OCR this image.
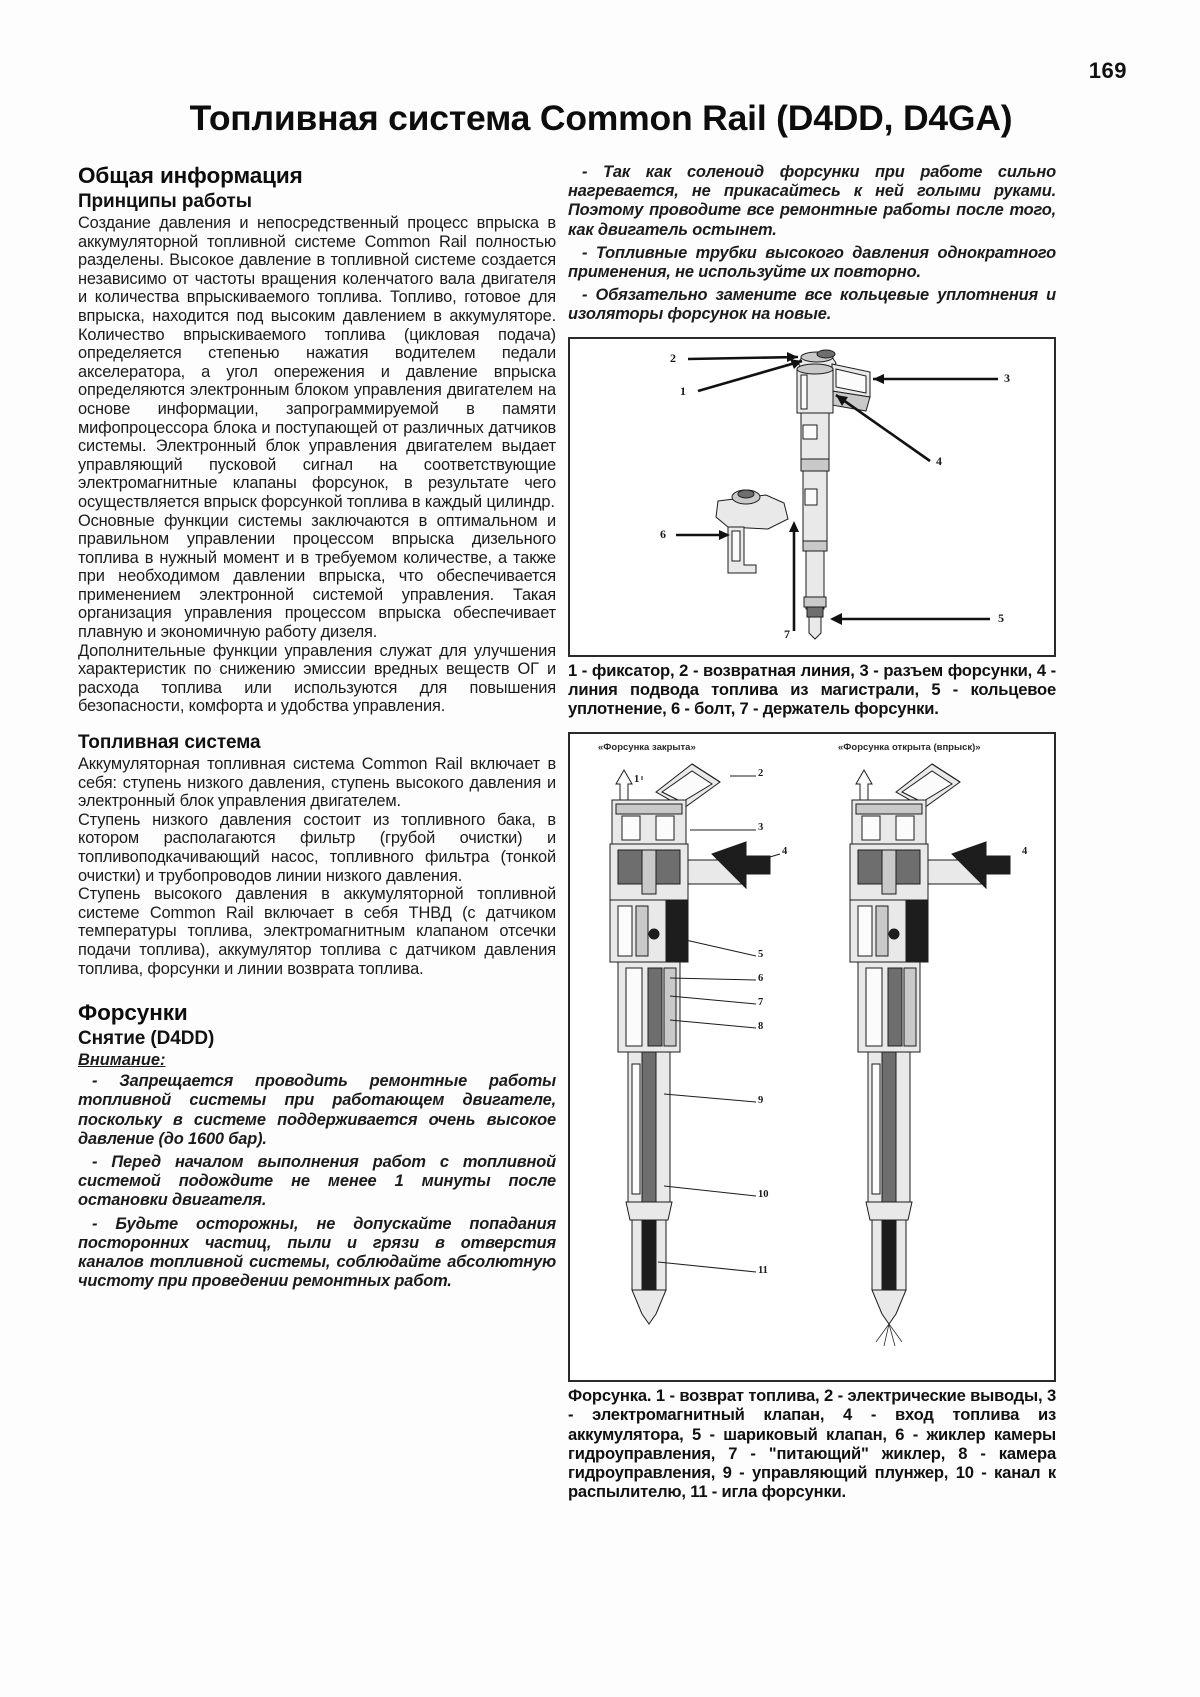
169
Топливная система Common Rail (D4DD, D4GA)
Общая информация
Принципы работы

Создание давления и непосредственный процесс впрыска в аккумуляторной топливной системе Common Rail полностью разделены. Высокое давление в топливной системе создается независимо от частоты вращения коленчатого вала двигателя и количества впрыскиваемого топлива. Топливо, готовое для впрыска, находится под высоким давлением в аккумуляторе. Количество впрыскиваемого топлива (цикловая подача) определяется степенью нажатия водителем педали акселератора, а угол опережения и давление впрыска определяются электронным блоком управления двигателем на основе информации, запрограммируемой в памяти мифопроцессора блока и поступающей от различных датчиков системы. Электронный блок управления двигателем выдает управляющий пусковой сигнал на соответствующие электромагнитные клапаны форсунок, в результате чего осуществляется впрыск форсункой топлива в каждый цилиндр.

Основные функции системы заключаются в оптимальном и правильном управлении процессом впрыска дизельного топлива в нужный момент и в требуемом количестве, а также при необходимом давлении впрыска, что обеспечивается применением электронной системой управления. Такая организация управления процессом впрыска обеспечивает плавную и экономичную работу дизеля.

Дополнительные функции управления служат для улучшения характеристик по снижению эмиссии вредных веществ ОГ и расхода топлива или используются для повышения безопасности, комфорта и удобства управления.

Топливная система

Аккумуляторная топливная система Common Rail включает в себя: ступень низкого давления, ступень высокого давления и электронный блок управления двигателем.

Ступень низкого давления состоит из топливного бака, в котором располагаются фильтр (грубой очистки) и топливоподкачивающий насос, топливного фильтра (тонкой очистки) и трубопроводов линии низкого давления.

Ступень высокого давления в аккумуляторной топливной системе Common Rail включает в себя ТНВД (с датчиком температуры топлива, электромагнитным клапаном отсечки подачи топлива), аккумулятор топлива с датчиком давления топлива, форсунки и линии возврата топлива.

Форсунки
Снятие (D4DD)

Внимание:

- Запрещается проводить ремонтные работы топливной системы при работающем двигателе, поскольку в системе поддерживается очень высокое давление (до 1600 бар).

- Перед началом выполнения работ с топливной системой подождите не менее 1 минуты после остановки двигателя.

- Будьте осторожны, не допускайте попадания посторонних частиц, пыли и грязи в отверстия каналов топливной системы, соблюдайте абсолютную чистоту при проведении ремонтных работ.

- Так как соленоид форсунки при работе сильно нагревается, не прикасайтесь к ней голыми руками. Поэтому проводите все ремонтные работы после того, как двигатель остынет.

- Топливные трубки высокого давления однократного применения, не используйте их повторно.

- Обязательно замените все кольцевые уплотнения и изоляторы форсунок на новые.

2
1
3
4
6
7
5

1 - фиксатор, 2 - возвратная линия, 3 - разъем форсунки, 4 - линия подвода топлива из магистрали, 5 - кольцевое уплотнение, 6 - болт, 7 - держатель форсунки.

«Форсунка закрыта»	«Форсунка открыта (впрыск)»
1
2
3
4
5
6
7
8
9
10
11
4

Форсунка. 1 - возврат топлива, 2 - электрические выводы, 3 - электромагнитный клапан, 4 - вход топлива из аккумулятора, 5 - шариковый клапан, 6 - жиклер камеры гидроуправления, 7 - "питающий" жиклер, 8 - камера гидроуправления, 9 - управляющий плунжер, 10 - канал к распылителю, 11 - игла форсунки.
